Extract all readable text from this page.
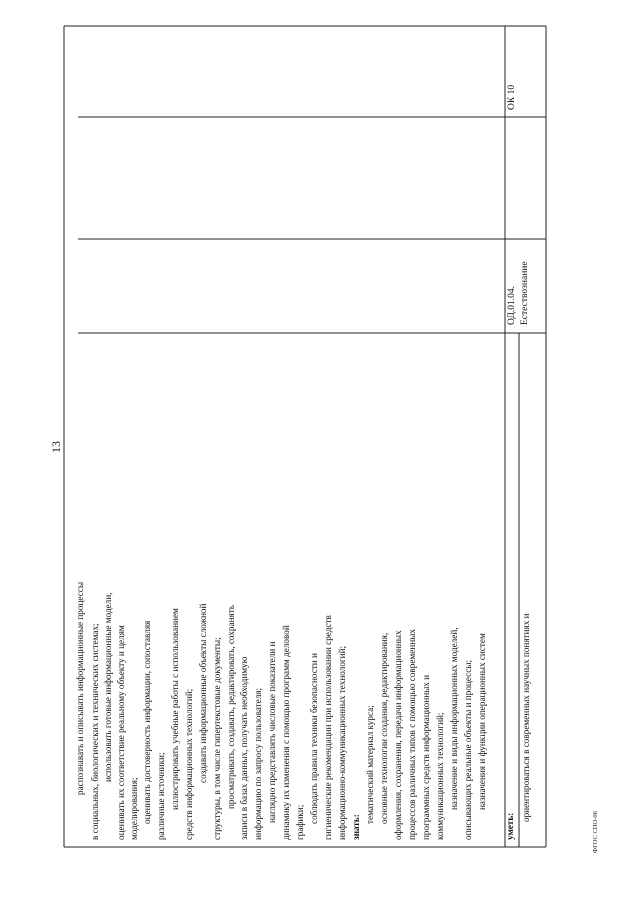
13
распознавать и описывать информационные процессы в социальных, биологических и технических системах; использовать готовые информационные модели, оценивать их соответствие реальному объекту и целям моделирования; оценивать достоверность информации, сопоставляя различные источники; иллюстрировать учебные работы с использованием средств информационных технологий; создавать информационные объекты сложной структуры, в том числе гипертекстовые документы; просматривать, создавать, редактировать, сохранять записи в базах данных, получать необходимую информацию по запросу пользователя; наглядно представлять числовые показатели и динамику их изменения с помощью программ деловой графики; соблюдать правила техники безопасности и гигиенические рекомендации при использовании средств информационно-коммуникационных технологий; знать:
тематический материал курса; основные технологии создания, редактирования, оформления, сохранения, передачи информационных процессов различных типов с помощью современных программных средств информационных и коммуникационных технологий; назначение и виды информационных моделей, описывающих реальные объекты и процессы; назначения и функции операционных систем
уметь:
ориентироваться в современных научных понятиях и
ОД.01.04. Естествознание
ОК 10
ФГОС СПО-06
